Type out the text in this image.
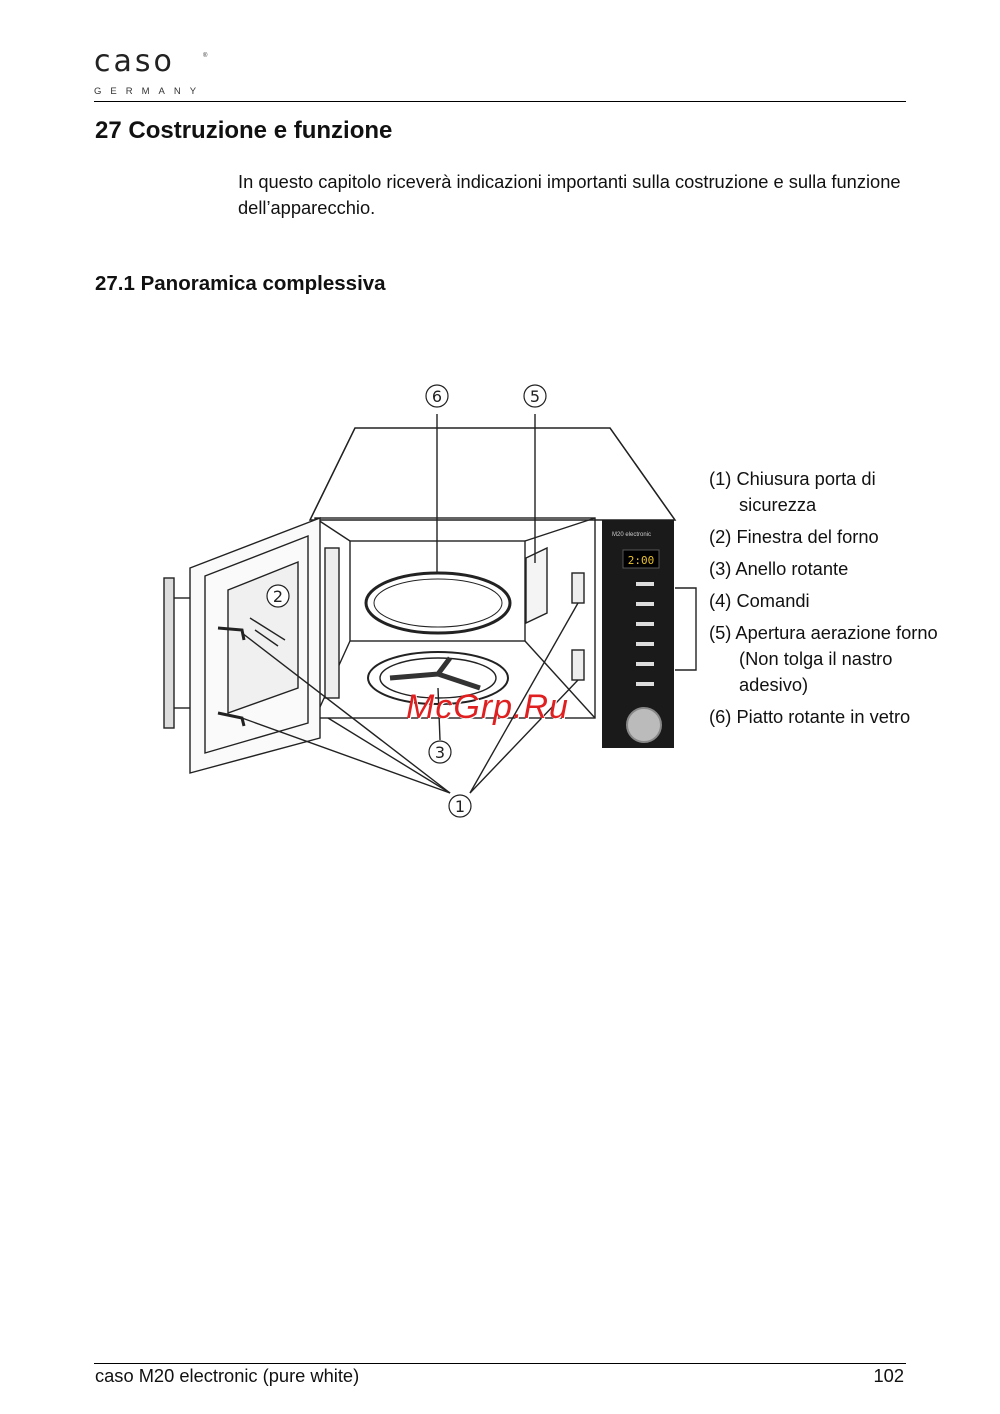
caso	®
GERMANY
27 Costruzione e funzione

In questo capitolo riceverà indicazioni importanti sulla costruzione e sulla funzione dell’apparecchio.

27.1 Panoramica complessiva
2:00
M20 electronic
6	5
2
3
1
(1) Chiusura porta di sicurezza
(2) Finestra del forno
(3) Anello rotante
(4) Comandi
(5) Apertura aerazione forno (Non tolga il nastro adesivo)
(6) Piatto rotante in vetro
McGrp.Ru
caso M20 electronic (pure white)	102
